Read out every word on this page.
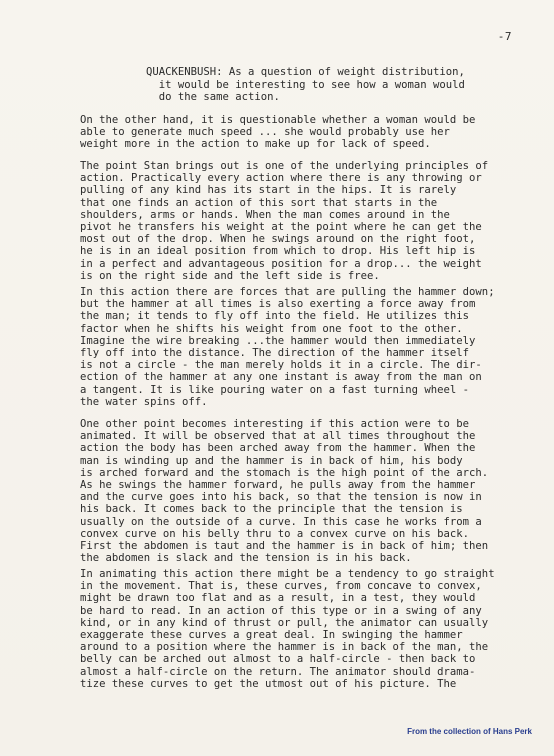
-7
QUACKENBUSH: As a question of weight distribution,
it would be interesting to see how a woman would
do the same action.
On the other hand, it is questionable whether a woman would be
able to generate much speed ... she would probably use her
weight more in the action to make up for lack of speed.
The point Stan brings out is one of the underlying principles of
action. Practically every action where there is any throwing or
pulling of any kind has its start in the hips. It is rarely
that one finds an action of this sort that starts in the
shoulders, arms or hands. When the man comes around in the
pivot he transfers his weight at the point where he can get the
most out of the drop. When he swings around on the right foot,
he is in an ideal position from which to drop. His left hip is
in a perfect and advantageous position for a drop... the weight
is on the right side and the left side is free.
In this action there are forces that are pulling the hammer down;
but the hammer at all times is also exerting a force away from
the man; it tends to fly off into the field. He utilizes this
factor when he shifts his weight from one foot to the other.
Imagine the wire breaking ...the hammer would then immediately
fly off into the distance. The direction of the hammer itself
is not a circle - the man merely holds it in a circle. The dir-
ection of the hammer at any one instant is away from the man on
a tangent. It is like pouring water on a fast turning wheel -
the water spins off.
One other point becomes interesting if this action were to be
animated. It will be observed that at all times throughout the
action the body has been arched away from the hammer. When the
man is winding up and the hammer is in back of him, his body
is arched forward and the stomach is the high point of the arch.
As he swings the hammer forward, he pulls away from the hammer
and the curve goes into his back, so that the tension is now in
his back. It comes back to the principle that the tension is
usually on the outside of a curve. In this case he works from a
convex curve on his belly thru to a convex curve on his back.
First the abdomen is taut and the hammer is in back of him; then
the abdomen is slack and the tension is in his back.
In animating this action there might be a tendency to go straight
in the movement. That is, these curves, from concave to convex,
might be drawn too flat and as a result, in a test, they would
be hard to read. In an action of this type or in a swing of any
kind, or in any kind of thrust or pull, the animator can usually
exaggerate these curves a great deal. In swinging the hammer
around to a position where the hammer is in back of the man, the
belly can be arched out almost to a half-circle - then back to
almost a half-circle on the return. The animator should drama-
tize these curves to get the utmost out of his picture. The
From the collection of Hans Perk
